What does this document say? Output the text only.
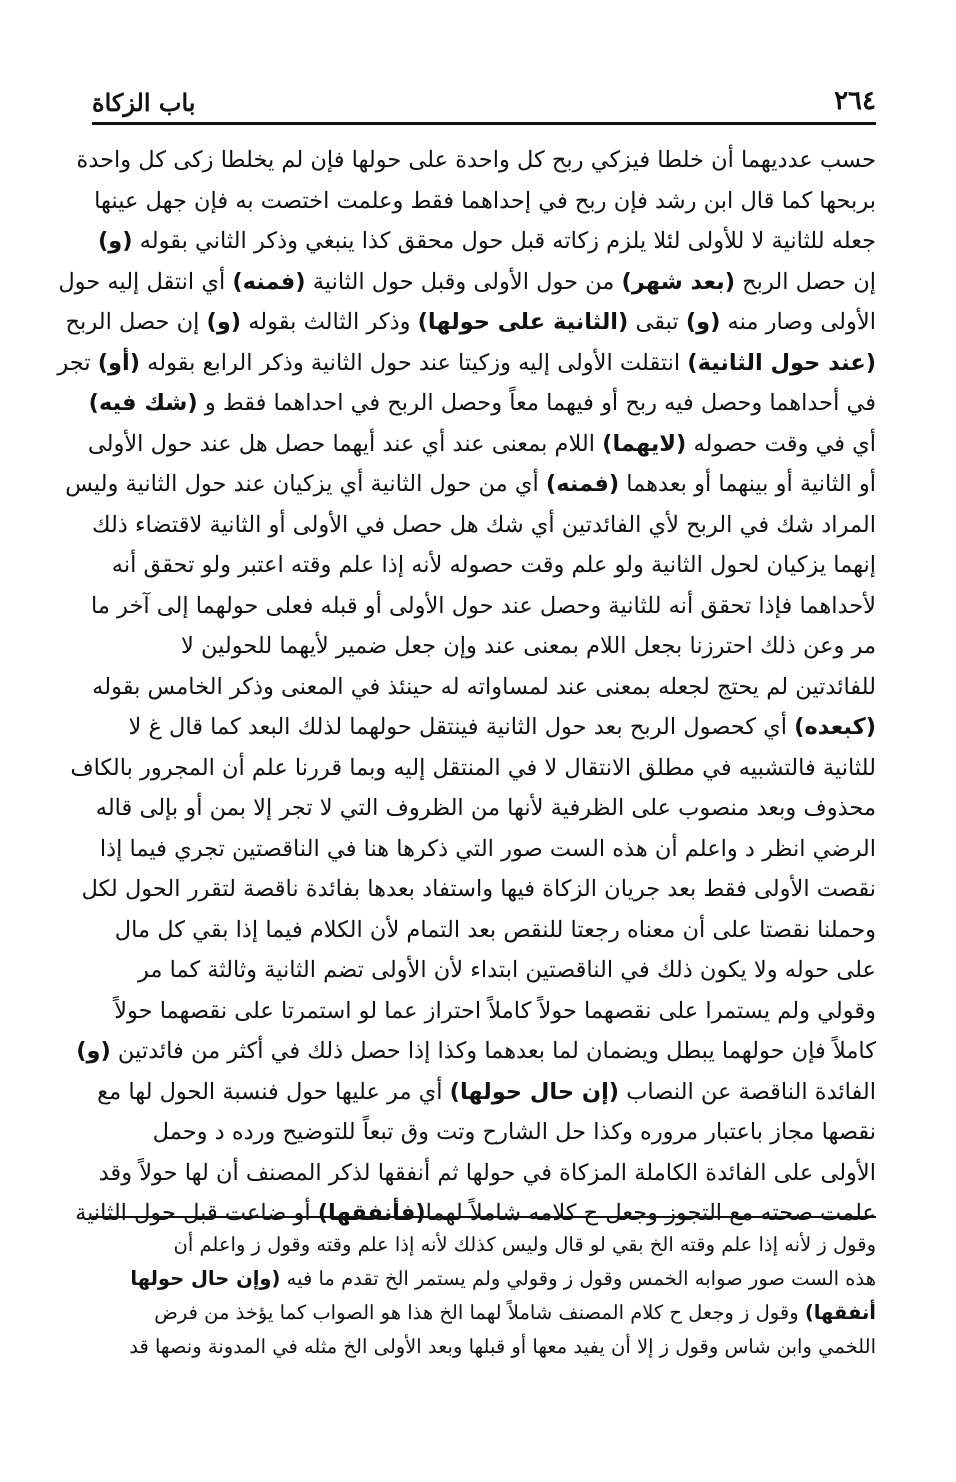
٢٦٤
باب الزكاة
حسب عدديهما أن خلطا فيزكي ربح كل واحدة على حولها فإن لم يخلطا زكى كل واحدة
بربحها كما قال ابن رشد فإن ربح في إحداهما فقط وعلمت اختصت به فإن جهل عينها
جعله للثانية لا للأولى لئلا يلزم زكاته قبل حول محقق كذا ينبغي وذكر الثاني بقوله (و)
إن حصل الربح (بعد شهر) من حول الأولى وقبل حول الثانية (فمنه) أي انتقل إليه حول
الأولى وصار منه (و) تبقى (الثانية على حولها) وذكر الثالث بقوله (و) إن حصل الربح
(عند حول الثانية) انتقلت الأولى إليه وزكيتا عند حول الثانية وذكر الرابع بقوله (أو) تجر
في أحداهما وحصل فيه ربح أو فيهما معاً وحصل الربح في احداهما فقط و (شك فيه)
أي في وقت حصوله (لايهما) اللام بمعنى عند أي عند أيهما حصل هل عند حول الأولى
أو الثانية أو بينهما أو بعدهما (فمنه) أي من حول الثانية أي يزكيان عند حول الثانية وليس
المراد شك في الربح لأي الفائدتين أي شك هل حصل في الأولى أو الثانية لاقتضاء ذلك
إنهما يزكيان لحول الثانية ولو علم وقت حصوله لأنه إذا علم وقته اعتبر ولو تحقق أنه
لأحداهما فإذا تحقق أنه للثانية وحصل عند حول الأولى أو قبله فعلى حولهما إلى آخر ما
مر وعن ذلك احترزنا بجعل اللام بمعنى عند وإن جعل ضمير لأيهما للحولين لا
للفائدتين لم يحتج لجعله بمعنى عند لمساواته له حينئذ في المعنى وذكر الخامس بقوله
(كبعده) أي كحصول الربح بعد حول الثانية فينتقل حولهما لذلك البعد كما قال غ لا
للثانية فالتشبيه في مطلق الانتقال لا في المنتقل إليه وبما قررنا علم أن المجرور بالكاف
محذوف وبعد منصوب على الظرفية لأنها من الظروف التي لا تجر إلا بمن أو بإلى قاله
الرضي انظر د واعلم أن هذه الست صور التي ذكرها هنا في الناقصتين تجري فيما إذا
نقصت الأولى فقط بعد جريان الزكاة فيها واستفاد بعدها بفائدة ناقصة لتقرر الحول لكل
وحملنا نقصتا على أن معناه رجعتا للنقص بعد التمام لأن الكلام فيما إذا بقي كل مال
على حوله ولا يكون ذلك في الناقصتين ابتداء لأن الأولى تضم الثانية وثالثة كما مر
وقولي ولم يستمرا على نقصهما حولاً كاملاً احتراز عما لو استمرتا على نقصهما حولاً
كاملاً فإن حولهما يبطل ويضمان لما بعدهما وكذا إذا حصل ذلك في أكثر من فائدتين (و)
الفائدة الناقصة عن النصاب (إن حال حولها) أي مر عليها حول فنسبة الحول لها مع
نقصها مجاز باعتبار مروره وكذا حل الشارح وتت وق تبعاً للتوضيح ورده د وحمل
الأولى على الفائدة الكاملة المزكاة في حولها ثم أنفقها لذكر المصنف أن لها حولاً وقد
علمت صحته مع التجوز وجعل ح كلامه شاملاً لهما(فأنفقها) أو ضاعت قبل حول الثانية
وقول ز لأنه إذا علم وقته الخ بقي لو قال وليس كذلك لأنه إذا علم وقته وقول ز واعلم أن
هذه الست صور صوابه الخمس وقول ز وقولي ولم يستمر الخ تقدم ما فيه (وإن حال حولها
أنفقها) وقول ز وجعل ح كلام المصنف شاملاً لهما الخ هذا هو الصواب كما يؤخذ من فرض
اللخمي وابن شاس وقول ز إلا أن يفيد معها أو قبلها وبعد الأولى الخ مثله في المدونة ونصها قد
